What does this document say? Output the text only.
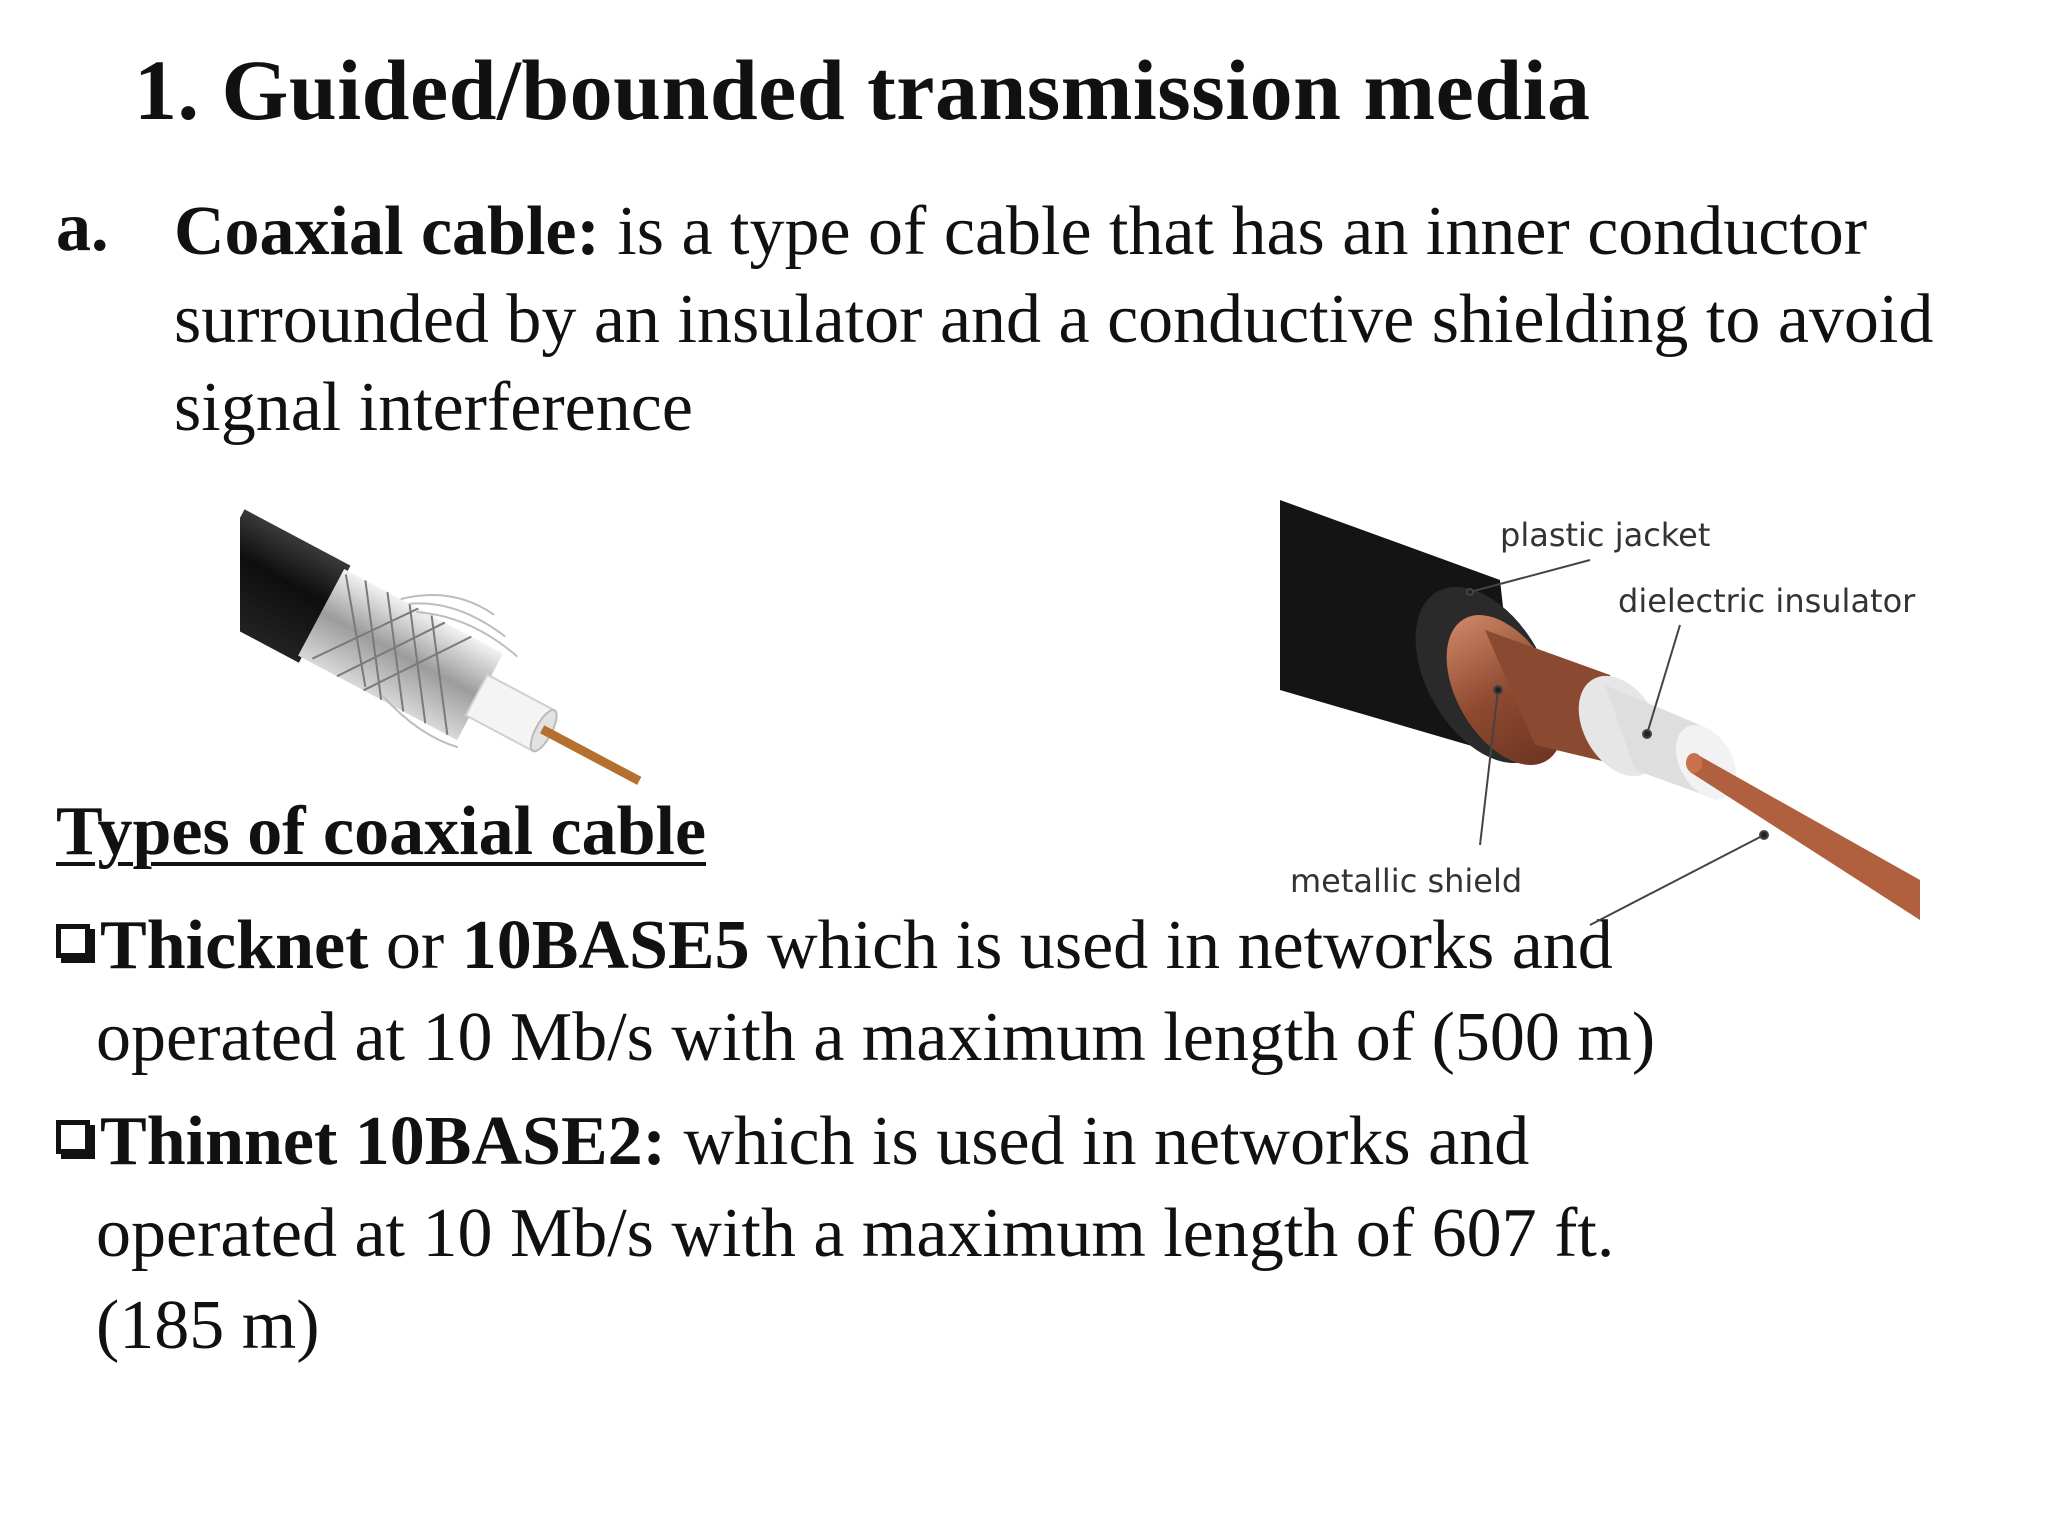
1. Guided/bounded transmission media
a. Coaxial cable: is a type of cable that has an inner conductor surrounded by an insulator and a conductive shielding to avoid signal interference
plastic jacket
dielectric insulator
metallic shield
Types of coaxial cable
Thicknet or 10BASE5 which is used in networks and
operated at 10 Mb/s with a maximum length of (500 m)
Thinnet 10BASE2: which is used in networks and
operated at 10 Mb/s with a maximum length of 607 ft.
(185 m)
